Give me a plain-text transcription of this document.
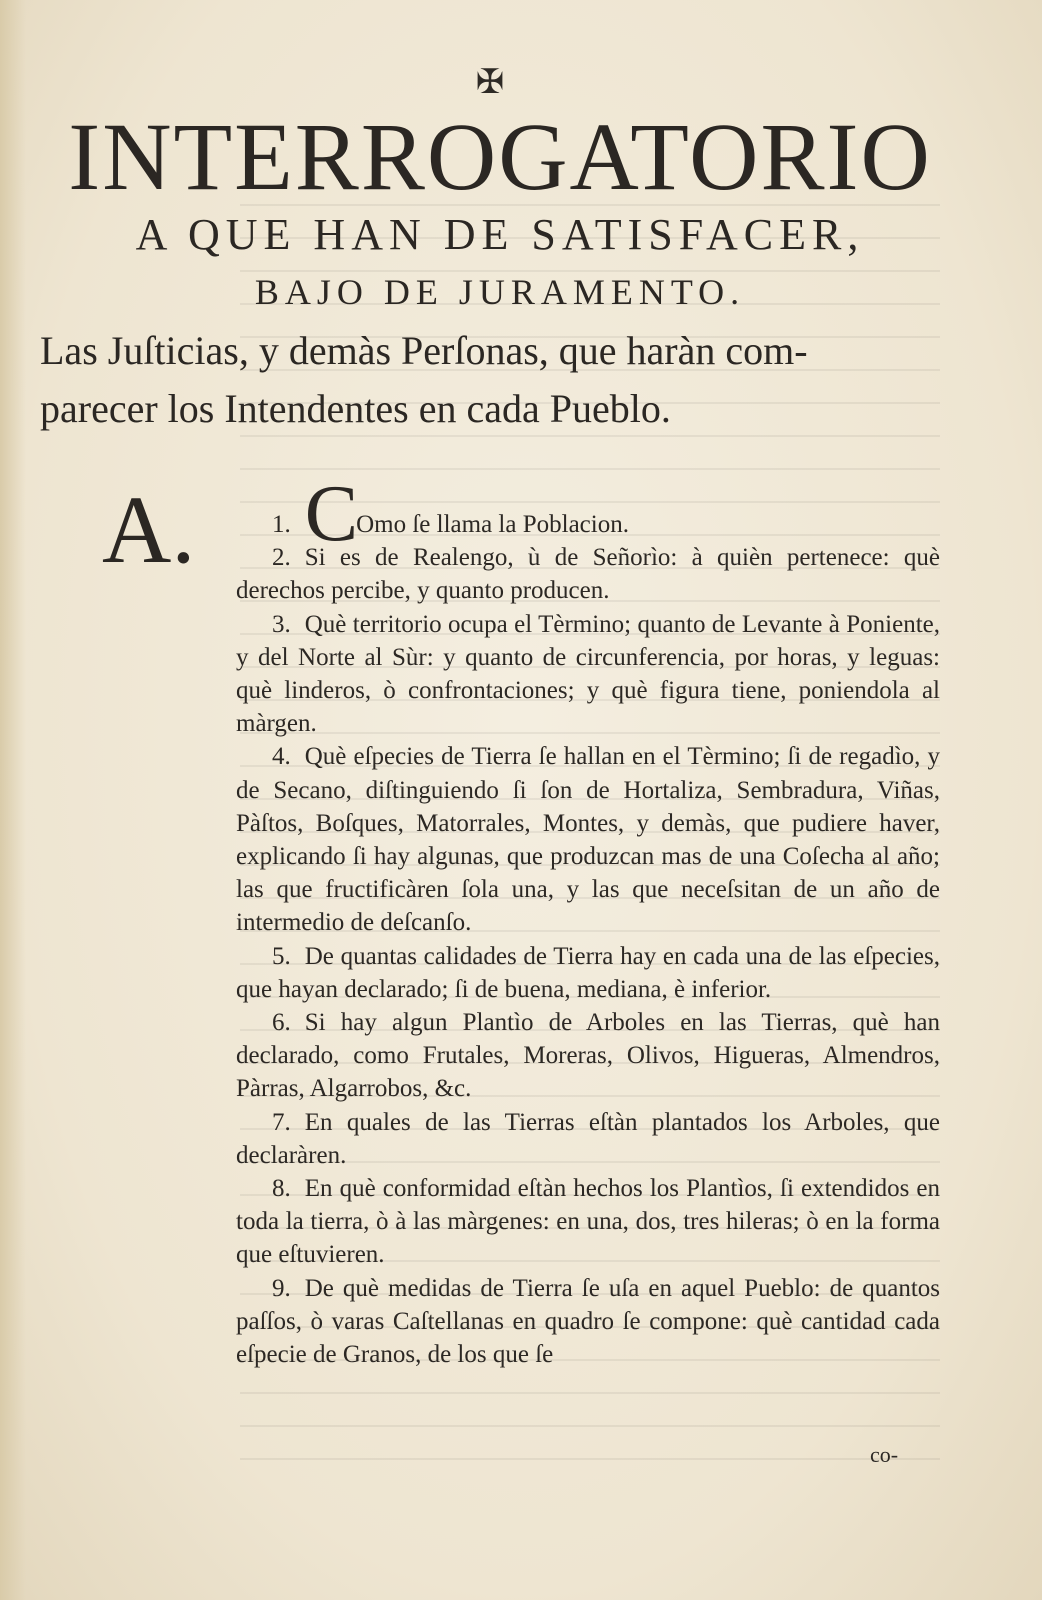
✠
INTERROGATORIO
A QUE HAN DE SATISFACER,
BAJO DE JURAMENTO.
Las Juſticias, y demàs Perſonas, que haràn com-
parecer los Intendentes en cada Pueblo.
A.	1. COmo ſe llama la Poblacion.

2. Si es de Realengo, ù de Señorìo: à quièn pertenece: què derechos percibe, y quanto producen.

3. Què territorio ocupa el Tèrmino; quanto de Levante à Poniente, y del Norte al Sùr: y quanto de circunferencia, por horas, y leguas: què linderos, ò confrontaciones; y què figura tiene, poniendola al màrgen.

4. Què eſpecies de Tierra ſe hallan en el Tèrmino; ſi de regadìo, y de Secano, diſtinguiendo ſi ſon de Hortaliza, Sembradura, Viñas, Pàſtos, Boſques, Matorrales, Montes, y demàs, que pudiere haver, explicando ſi hay algunas, que produzcan mas de una Coſecha al año; las que fructificàren ſola una, y las que neceſsitan de un año de intermedio de deſcanſo.

5. De quantas calidades de Tierra hay en cada una de las eſpecies, que hayan declarado; ſi de buena, mediana, è inferior.

6. Si hay algun Plantìo de Arboles en las Tierras, què han declarado, como Frutales, Moreras, Olivos, Higueras, Almendros, Pàrras, Algarrobos, &c.

7. En quales de las Tierras eſtàn plantados los Arboles, que declaràren.

8. En què conformidad eſtàn hechos los Plantìos, ſi extendidos en toda la tierra, ò à las màrgenes: en una, dos, tres hileras; ò en la forma que eſtuvieren.

9. De què medidas de Tierra ſe uſa en aquel Pueblo: de quantos paſſos, ò varas Caſtellanas en quadro ſe compone: què cantidad cada eſpecie de Granos, de los que ſe

co-
